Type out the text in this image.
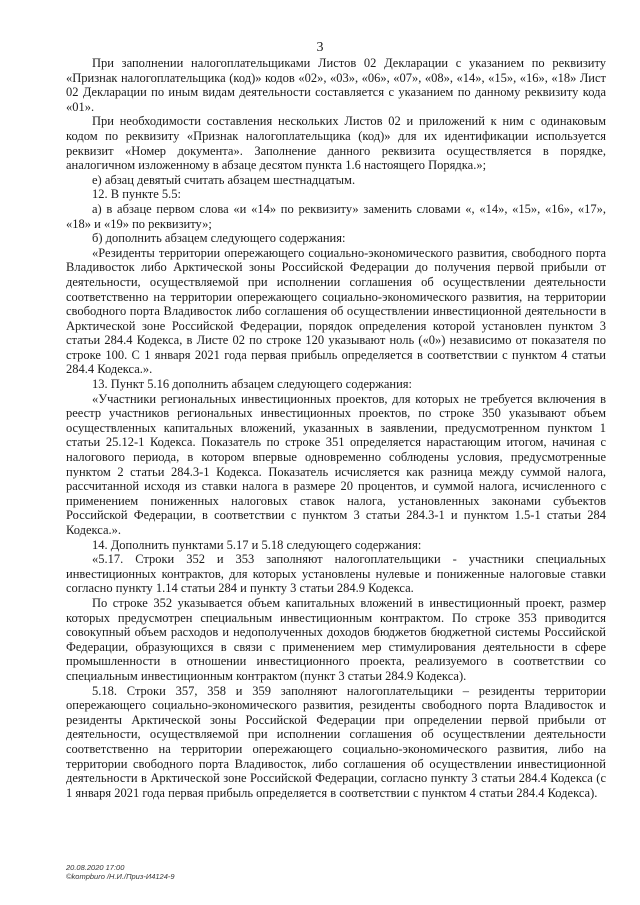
3

При заполнении налогоплательщиками Листов 02 Декларации с указанием по реквизиту «Признак налогоплательщика (код)» кодов «02», «03», «06», «07», «08», «14», «15», «16», «18» Лист 02 Декларации по иным видам деятельности составляется с указанием по данному реквизиту кода «01».

При необходимости составления нескольких Листов 02 и приложений к ним с одинаковым кодом по реквизиту «Признак налогоплательщика (код)» для их идентификации используется реквизит «Номер документа». Заполнение данного реквизита осуществляется в порядке, аналогичном изложенному в абзаце десятом пункта 1.6 настоящего Порядка.»;

е) абзац девятый считать абзацем шестнадцатым.

12. В пункте 5.5:

а) в абзаце первом слова «и «14» по реквизиту» заменить словами «, «14», «15», «16», «17», «18» и «19» по реквизиту»;

б) дополнить абзацем следующего содержания:

«Резиденты территории опережающего социально-экономического развития, свободного порта Владивосток либо Арктической зоны Российской Федерации до получения первой прибыли от деятельности, осуществляемой при исполнении соглашения об осуществлении деятельности соответственно на территории опережающего социально-экономического развития, на территории свободного порта Владивосток либо соглашения об осуществлении инвестиционной деятельности в Арктической зоне Российской Федерации, порядок определения которой установлен пунктом 3 статьи 284.4 Кодекса, в Листе 02 по строке 120 указывают ноль («0») независимо от показателя по строке 100. С 1 января 2021 года первая прибыль определяется в соответствии с пунктом 4 статьи 284.4 Кодекса.».

13. Пункт 5.16 дополнить абзацем следующего содержания:

«Участники региональных инвестиционных проектов, для которых не требуется включения в реестр участников региональных инвестиционных проектов, по строке 350 указывают объем осуществленных капитальных вложений, указанных в заявлении, предусмотренном пунктом 1 статьи 25.12-1 Кодекса. Показатель по строке 351 определяется нарастающим итогом, начиная с налогового периода, в котором впервые одновременно соблюдены условия, предусмотренные пунктом 2 статьи 284.3-1 Кодекса. Показатель исчисляется как разница между суммой налога, рассчитанной исходя из ставки налога в размере 20 процентов, и суммой налога, исчисленного с применением пониженных налоговых ставок налога, установленных законами субъектов Российской Федерации, в соответствии с пунктом 3 статьи 284.3-1 и пунктом 1.5-1 статьи 284 Кодекса.».

14. Дополнить пунктами 5.17 и 5.18 следующего содержания:

«5.17. Строки 352 и 353 заполняют налогоплательщики - участники специальных инвестиционных контрактов, для которых установлены нулевые и пониженные налоговые ставки согласно пункту 1.14 статьи 284 и пункту 3 статьи 284.9 Кодекса.

По строке 352 указывается объем капитальных вложений в инвестиционный проект, размер которых предусмотрен специальным инвестиционным контрактом. По строке 353 приводится совокупный объем расходов и недополученных доходов бюджетов бюджетной системы Российской Федерации, образующихся в связи с применением мер стимулирования деятельности в сфере промышленности в отношении инвестиционного проекта, реализуемого в соответствии со специальным инвестиционным контрактом (пункт 3 статьи 284.9 Кодекса).

5.18. Строки 357, 358 и 359 заполняют налогоплательщики – резиденты территории опережающего социально-экономического развития, резиденты свободного порта Владивосток и резиденты Арктической зоны Российской Федерации при определении первой прибыли от деятельности, осуществляемой при исполнении соглашения об осуществлении деятельности соответственно на территории опережающего социально-экономического развития, либо на территории свободного порта Владивосток, либо соглашения об осуществлении инвестиционной деятельности в Арктической зоне Российской Федерации, согласно пункту 3 статьи 284.4 Кодекса (с 1 января 2021 года первая прибыль определяется в соответствии с пунктом 4 статьи 284.4 Кодекса).

20.08.2020 17:00
©kompburo /Н.И./Приз-И4124-9
